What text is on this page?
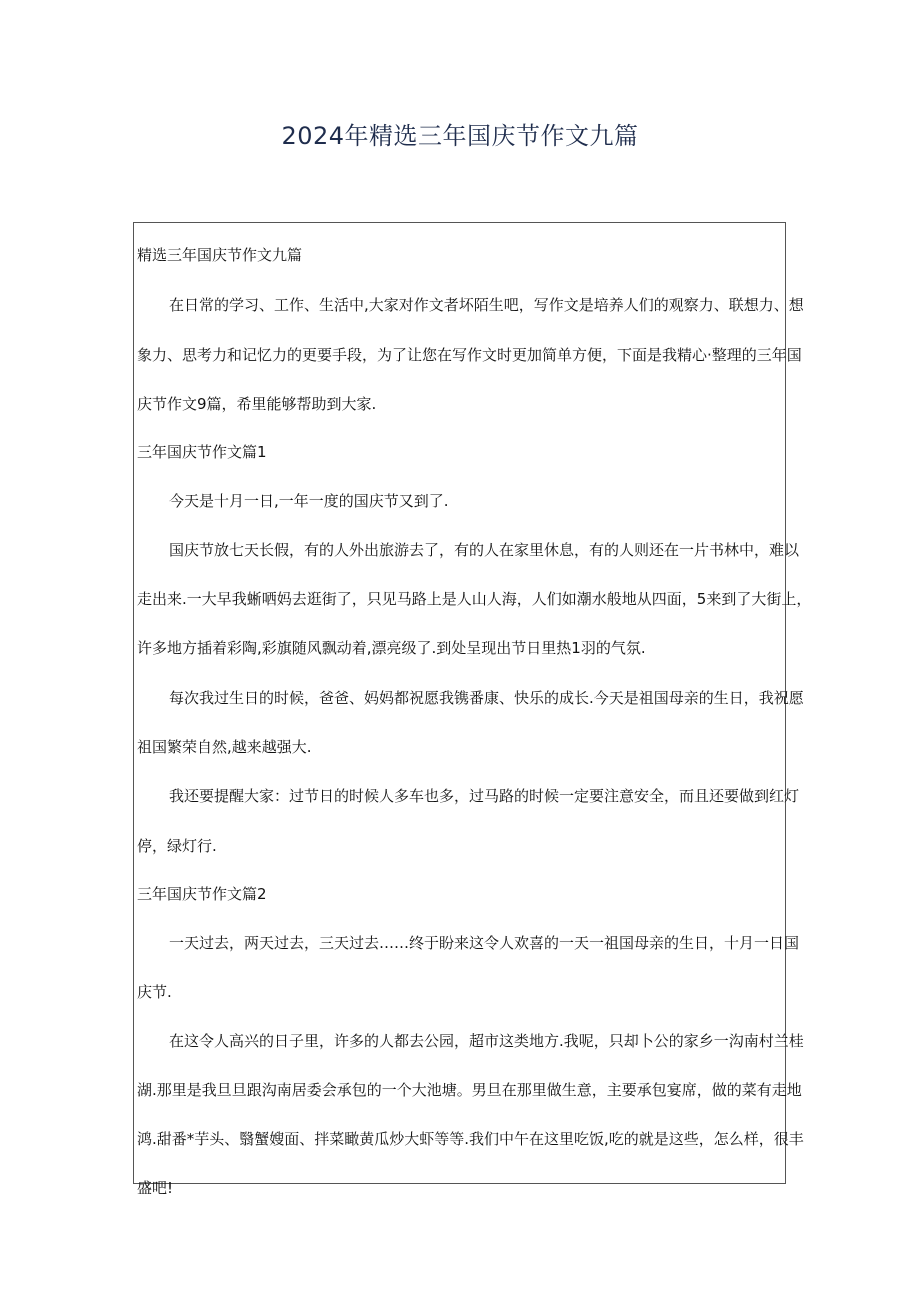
2024年精选三年国庆节作文九篇
精选三年国庆节作文九篇
在日常的学习、工作、生活中,大家对作文者坏陌生吧，写作文是培养人们的观察力、联想力、想
象力、思考力和记忆力的更要手段，为了让您在写作文时更加简单方便，下面是我精心·整理的三年国
庆节作文9篇，希里能够帮助到大家.
三年国庆节作文篇1
今天是十月一日,一年一度的国庆节又到了.
国庆节放七天长假，有的人外出旅游去了，有的人在家里休息，有的人则还在一片书林中，难以
走出来.一大早我蜥哂妈去逛街了，只见马路上是人山人海，人们如潮水般地从四面，5来到了大街上，
许多地方插着彩陶,彩旗随风飘动着,漂亮级了.到处呈现出节日里热1羽的气氛.
每次我过生日的时候，爸爸、妈妈都祝愿我镌番康、快乐的成长.今天是祖国母亲的生日，我祝愿
祖国繁荣自然,越来越强大.
我还要提醒大家：过节日的时候人多车也多，过马路的时候一定要注意安全，而且还要做到红灯
停，绿灯行.
三年国庆节作文篇2
一天过去，两天过去，三天过去……终于盼来这令人欢喜的一天一祖国母亲的生日，十月一日国
庆节.
在这令人高兴的日子里，许多的人都去公园，超市这类地方.我呢，只却卜公的家乡一沟南村兰桂
湖.那里是我旦旦跟沟南居委会承包的一个大池塘。男旦在那里做生意，主要承包宴席，做的菜有走地
鸿.甜番*芋头、翳蟹嫂面、拌菜瞰黄瓜炒大虾等等.我们中午在这里吃饭,吃的就是这些，怎么样，很丰
盛吧!
